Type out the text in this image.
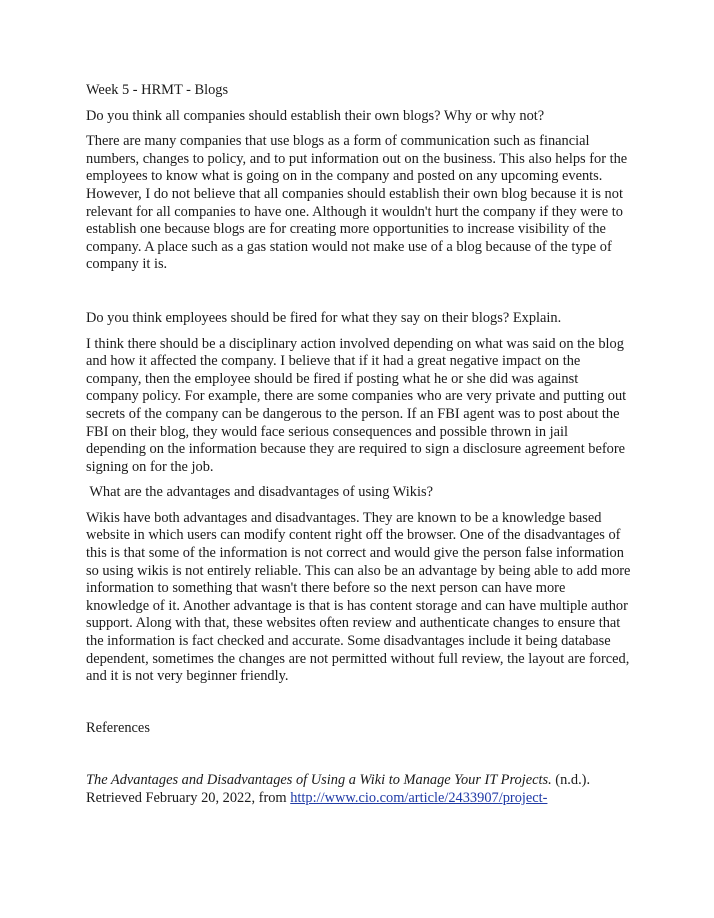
Week 5 - HRMT - Blogs

Do you think all companies should establish their own blogs? Why or why not?

There are many companies that use blogs as a form of communication such as financial numbers, changes to policy, and to put information out on the business. This also helps for the employees to know what is going on in the company and posted on any upcoming events. However, I do not believe that all companies should establish their own blog because it is not relevant for all companies to have one. Although it wouldn't hurt the company if they were to establish one because blogs are for creating more opportunities to increase visibility of the company. A place such as a gas station would not make use of a blog because of the type of company it is.

Do you think employees should be fired for what they say on their blogs? Explain.

I think there should be a disciplinary action involved depending on what was said on the blog and how it affected the company. I believe that if it had a great negative impact on the company, then the employee should be fired if posting what he or she did was against company policy. For example, there are some companies who are very private and putting out secrets of the company can be dangerous to the person. If an FBI agent was to post about the FBI on their blog, they would face serious consequences and possible thrown in jail depending on the information because they are required to sign a disclosure agreement before signing on for the job.

What are the advantages and disadvantages of using Wikis?

Wikis have both advantages and disadvantages. They are known to be a knowledge based website in which users can modify content right off the browser. One of the disadvantages of this is that some of the information is not correct and would give the person false information so using wikis is not entirely reliable. This can also be an advantage by being able to add more information to something that wasn't there before so the next person can have more knowledge of it. Another advantage is that is has content storage and can have multiple author support. Along with that, these websites often review and authenticate changes to ensure that the information is fact checked and accurate. Some disadvantages include it being database dependent, sometimes the changes are not permitted without full review, the layout are forced, and it is not very beginner friendly.

References

The Advantages and Disadvantages of Using a Wiki to Manage Your IT Projects. (n.d.).
Retrieved February 20, 2022, from http://www.cio.com/article/2433907/project-
